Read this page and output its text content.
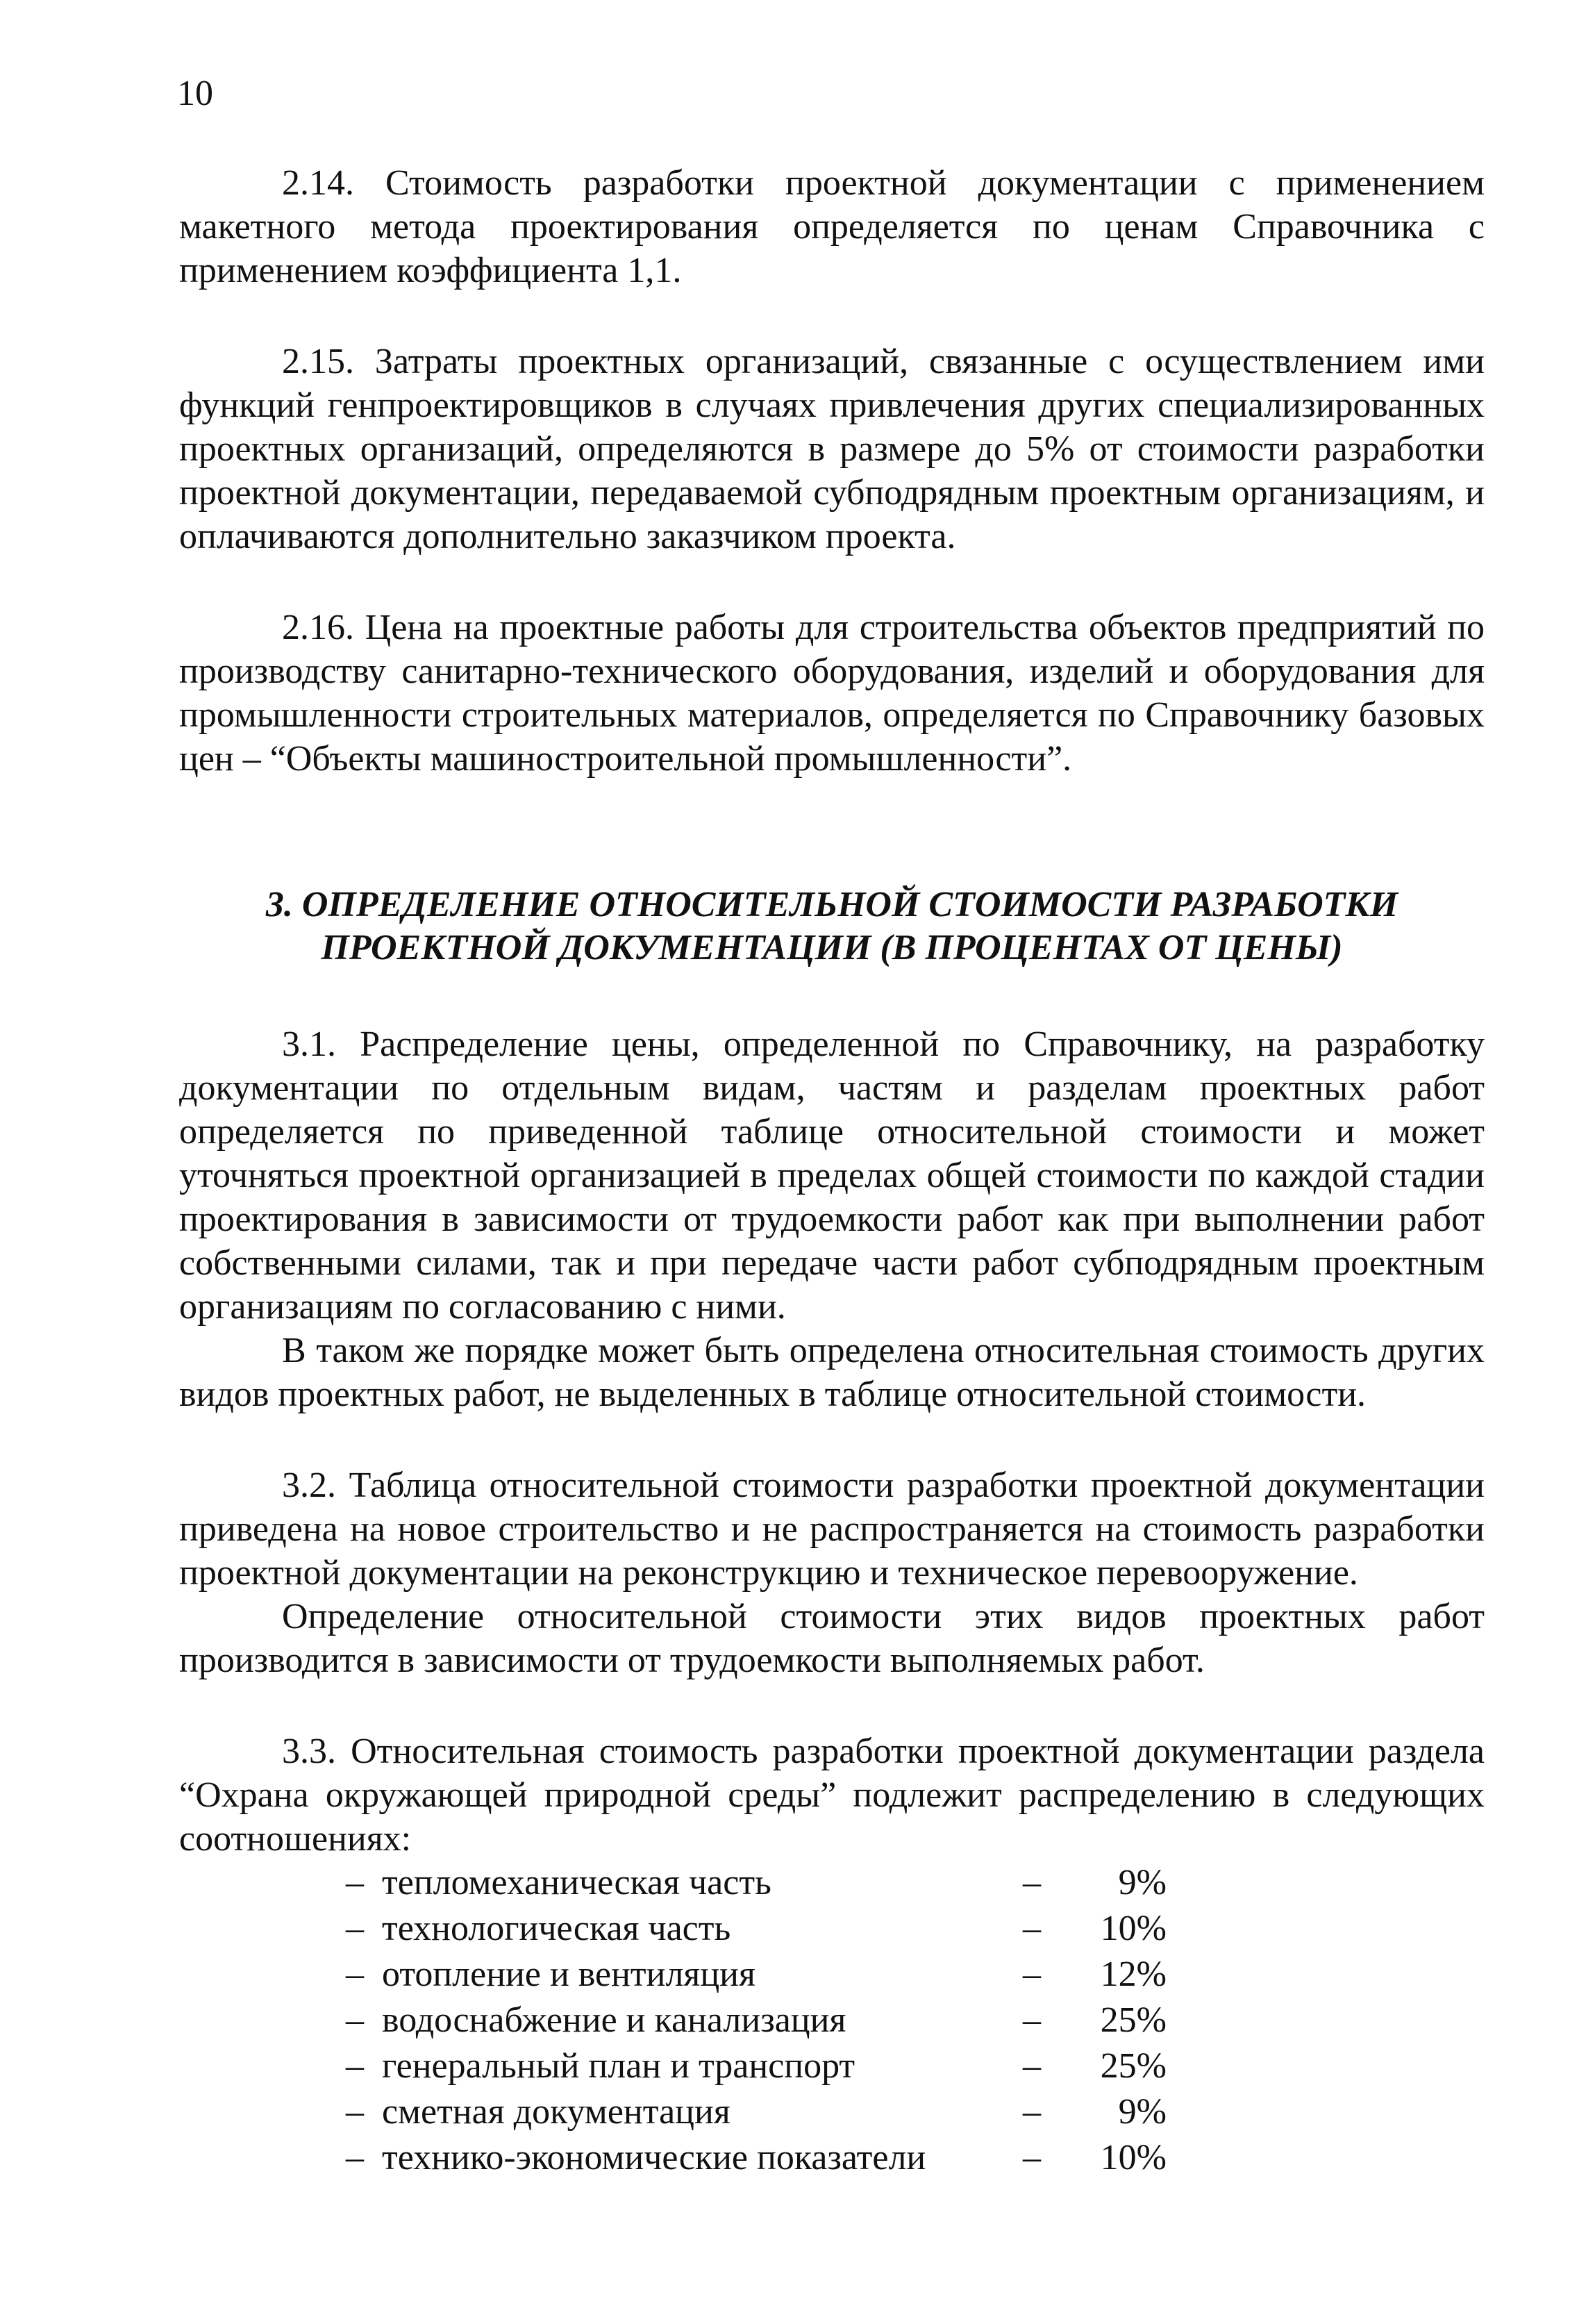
10

2.14. Стоимость разработки проектной документации с применением макетного метода проектирования определяется по ценам Справочника с применением коэффициента 1,1.

2.15. Затраты проектных организаций, связанные с осуществлением ими функций генпроектировщиков в случаях привлечения других специализированных проектных организаций, определяются в размере до 5% от стоимости разработки проектной документации, передаваемой субподрядным проектным организациям, и оплачиваются дополнительно заказчиком проекта.

2.16. Цена на проектные работы для строительства объектов предприятий по производству санитарно-технического оборудования, изделий и оборудования для промышленности строительных материалов, определяется по Справочнику базовых цен – “Объекты машиностроительной промышленности”.

3. ОПРЕДЕЛЕНИЕ ОТНОСИТЕЛЬНОЙ СТОИМОСТИ РАЗРАБОТКИ
ПРОЕКТНОЙ ДОКУМЕНТАЦИИ (В ПРОЦЕНТАХ ОТ ЦЕНЫ)

3.1. Распределение цены, определенной по Справочнику, на разработку документации по отдельным видам, частям и разделам проектных работ определяется по приведенной таблице относительной стоимости и может уточняться проектной организацией в пределах общей стоимости по каждой стадии проектирования в зависимости от трудоемкости работ как при выполнении работ собственными силами, так и при передаче части работ субподрядным проектным организациям по согласованию с ними.

В таком же порядке может быть определена относительная стоимость других видов проектных работ, не выделенных в таблице относительной стоимости.

3.2. Таблица относительной стоимости разработки проектной документации приведена на новое строительство и не распространяется на стоимость разработки проектной документации на реконструкцию и техническое перевооружение.

Определение относительной стоимости этих видов проектных работ производится в зависимости от трудоемкости выполняемых работ.

3.3. Относительная стоимость разработки проектной документации раздела “Охрана окружающей природной среды” подлежит распределению в следующих соотношениях:

– тепломеханическая часть	– 9%
– технологическая часть	– 10%
– отопление и вентиляция	– 12%
– водоснабжение и канализация	– 25%
– генеральный план и транспорт	– 25%
– сметная документация	– 9%
– технико-экономические показатели	– 10%
